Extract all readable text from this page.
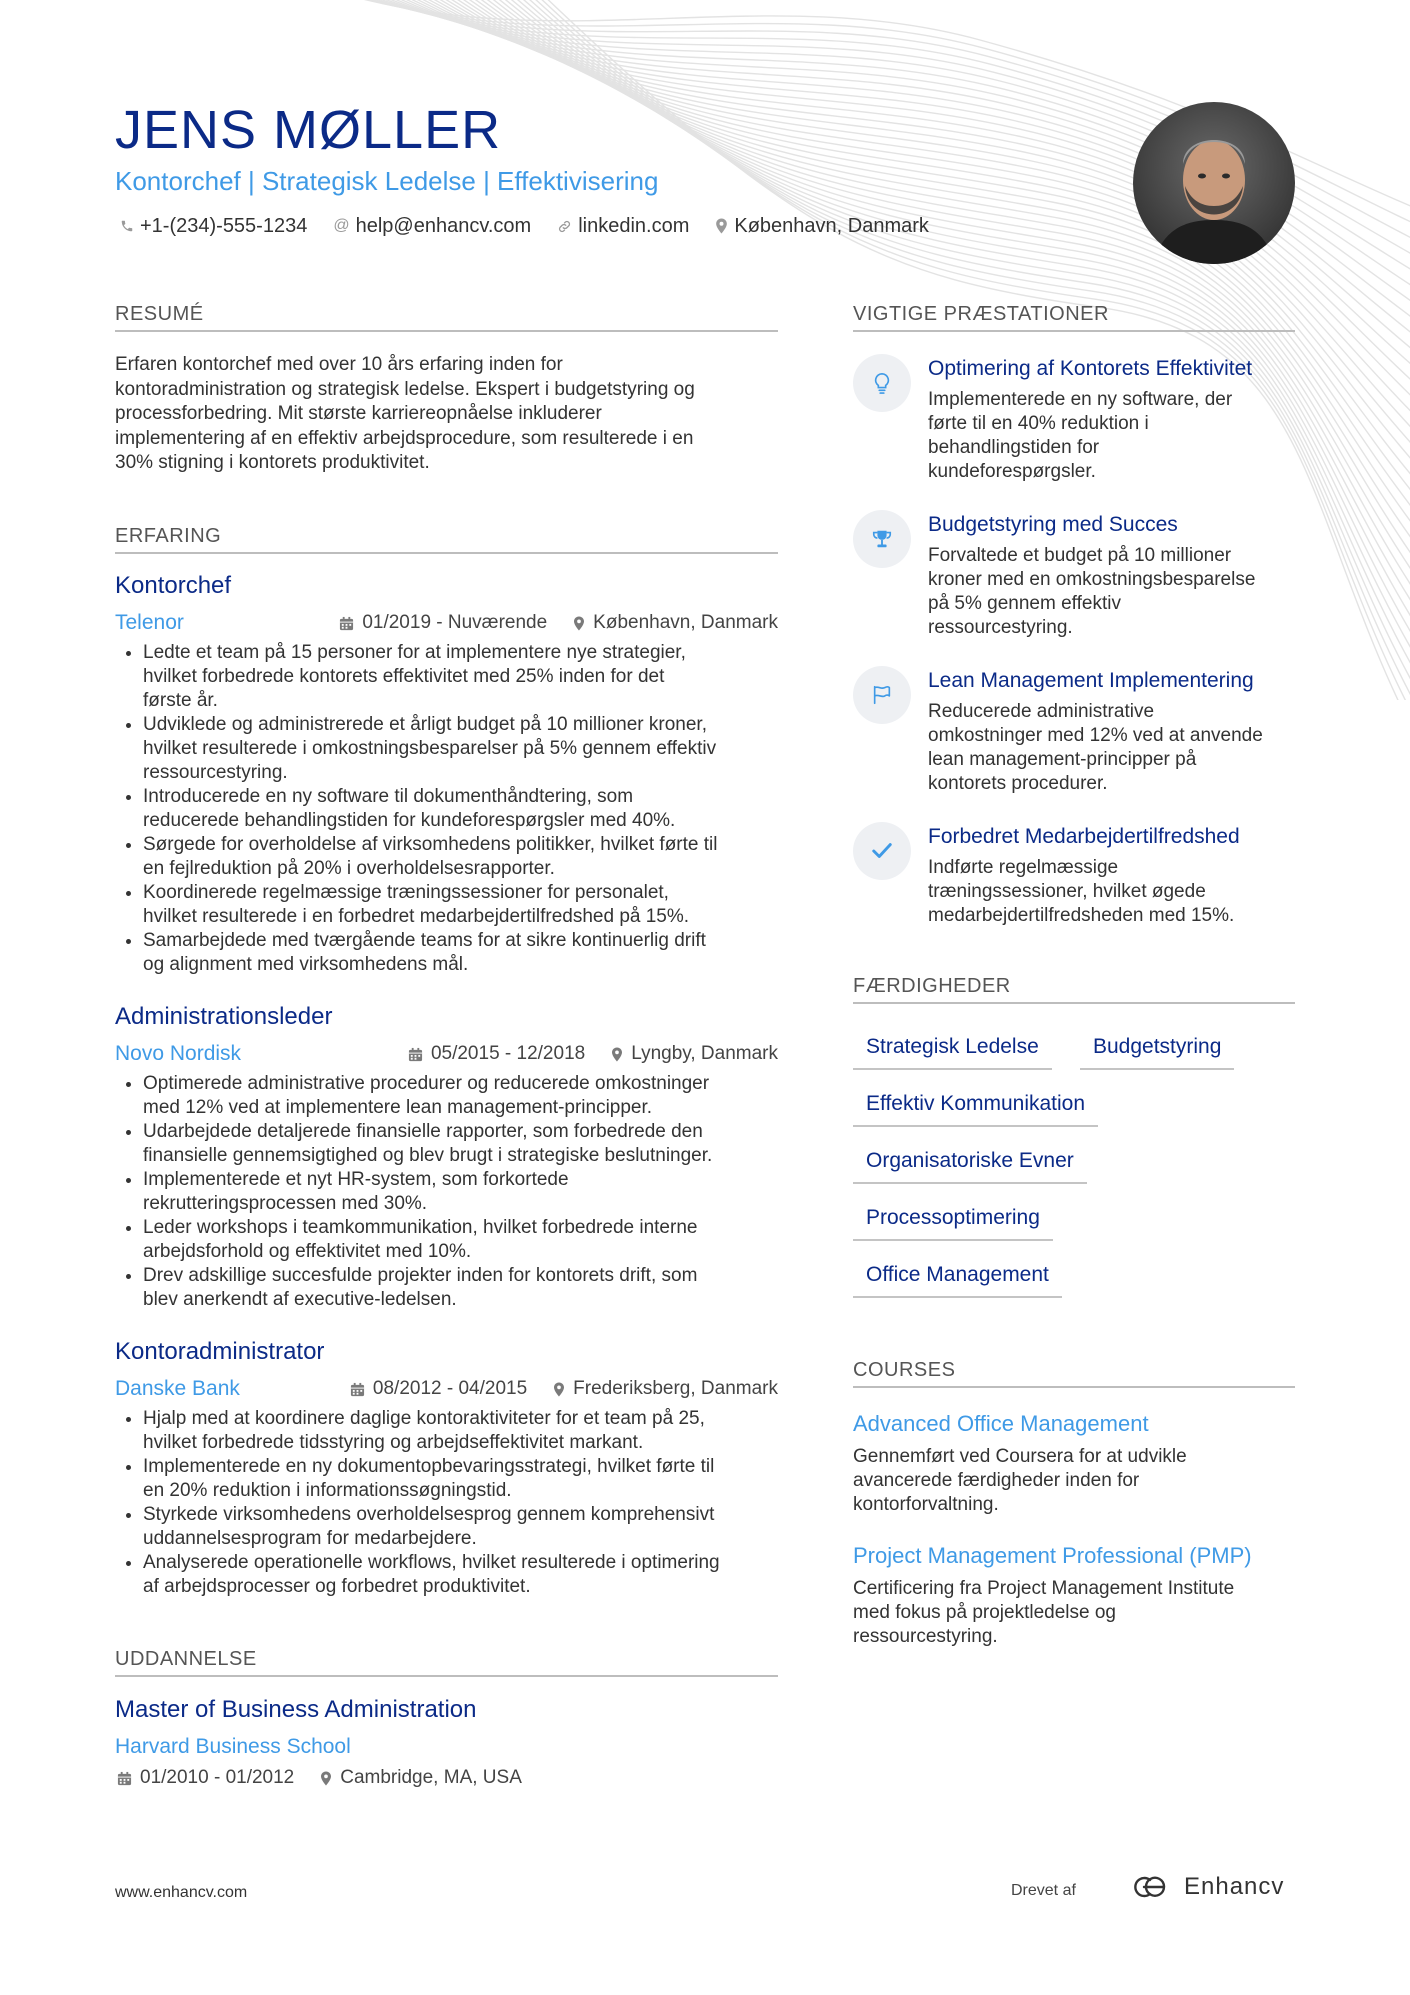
JENS MØLLER
Kontorchef | Strategisk Ledelse | Effektivisering
+1-(234)-555-1234 @ help@enhancv.com linkedin.com København, Danmark
RESUMÉ
Erfaren kontorchef med over 10 års erfaring inden for
kontoradministration og strategisk ledelse. Ekspert i budgetstyring og
processforbedring. Mit største karriereopnåelse inkluderer
implementering af en effektiv arbejdsprocedure, som resulterede i en
30% stigning i kontorets produktivitet.
ERFARING
Kontorchef
Telenor	01/2019 - Nuværende København, Danmark
• Ledte et team på 15 personer for at implementere nye strategier,
hvilket forbedrede kontorets effektivitet med 25% inden for det
første år.
• Udviklede og administrerede et årligt budget på 10 millioner kroner,
hvilket resulterede i omkostningsbesparelser på 5% gennem effektiv
ressourcestyring.
• Introducerede en ny software til dokumenthåndtering, som
reducerede behandlingstiden for kundeforespørgsler med 40%.
• Sørgede for overholdelse af virksomhedens politikker, hvilket førte til
en fejlreduktion på 20% i overholdelsesrapporter.
• Koordinerede regelmæssige træningssessioner for personalet,
hvilket resulterede i en forbedret medarbejdertilfredshed på 15%.
• Samarbejdede med tværgående teams for at sikre kontinuerlig drift
og alignment med virksomhedens mål.
Administrationsleder
Novo Nordisk	05/2015 - 12/2018 Lyngby, Danmark
• Optimerede administrative procedurer og reducerede omkostninger
med 12% ved at implementere lean management-principper.
• Udarbejdede detaljerede finansielle rapporter, som forbedrede den
finansielle gennemsigtighed og blev brugt i strategiske beslutninger.
• Implementerede et nyt HR-system, som forkortede
rekrutteringsprocessen med 30%.
• Leder workshops i teamkommunikation, hvilket forbedrede interne
arbejdsforhold og effektivitet med 10%.
• Drev adskillige succesfulde projekter inden for kontorets drift, som
blev anerkendt af executive-ledelsen.
Kontoradministrator
Danske Bank	08/2012 - 04/2015 Frederiksberg, Danmark
• Hjalp med at koordinere daglige kontoraktiviteter for et team på 25,
hvilket forbedrede tidsstyring og arbejdseffektivitet markant.
• Implementerede en ny dokumentopbevaringsstrategi, hvilket førte til
en 20% reduktion i informationssøgningstid.
• Styrkede virksomhedens overholdelsesprog gennem komprehensivt
uddannelsesprogram for medarbejdere.
• Analyserede operationelle workflows, hvilket resulterede i optimering
af arbejdsprocesser og forbedret produktivitet.
UDDANNELSE
Master of Business Administration
Harvard Business School
01/2010 - 01/2012 Cambridge, MA, USA
VIGTIGE PRÆSTATIONER
Optimering af Kontorets Effektivitet
Implementerede en ny software, der
førte til en 40% reduktion i
behandlingstiden for
kundeforespørgsler.
Budgetstyring med Succes
Forvaltede et budget på 10 millioner
kroner med en omkostningsbesparelse
på 5% gennem effektiv
ressourcestyring.
Lean Management Implementering
Reducerede administrative
omkostninger med 12% ved at anvende
lean management-principper på
kontorets procedurer.
Forbedret Medarbejdertilfredshed
Indførte regelmæssige
træningssessioner, hvilket øgede
medarbejdertilfredsheden med 15%.
FÆRDIGHEDER
Strategisk Ledelse	Budgetstyring
Effektiv Kommunikation
Organisatoriske Evner
Processoptimering
Office Management
COURSES
Advanced Office Management
Gennemført ved Coursera for at udvikle
avancerede færdigheder inden for
kontorforvaltning.
Project Management Professional (PMP)
Certificering fra Project Management Institute
med fokus på projektledelse og
ressourcestyring.
www.enhancv.com	Drevet af	Enhancv
